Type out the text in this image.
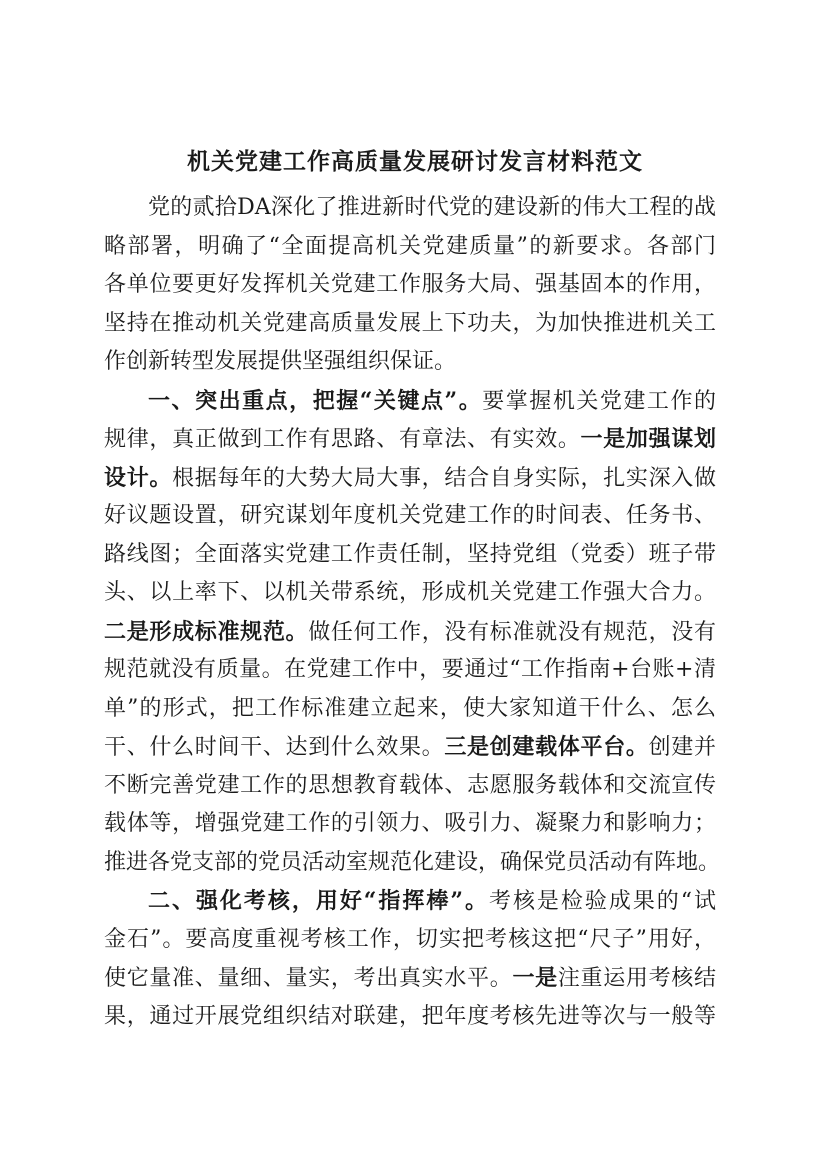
机关党建工作高质量发展研讨发言材料范文
党的贰拾DA深化了推进新时代党的建设新的伟大工程的战
略部署，明确了“全面提高机关党建质量”的新要求。各部门
各单位要更好发挥机关党建工作服务大局、强基固本的作用，
坚持在推动机关党建高质量发展上下功夫，为加快推进机关工
作创新转型发展提供坚强组织保证。
一、突出重点，把握“关键点”。要掌握机关党建工作的
规律，真正做到工作有思路、有章法、有实效。一是加强谋划
设计。根据每年的大势大局大事，结合自身实际，扎实深入做
好议题设置，研究谋划年度机关党建工作的时间表、任务书、
路线图；全面落实党建工作责任制，坚持党组（党委）班子带
头、以上率下、以机关带系统，形成机关党建工作强大合力。
二是形成标准规范。做任何工作，没有标准就没有规范，没有
规范就没有质量。在党建工作中，要通过“工作指南+台账+清
单”的形式，把工作标准建立起来，使大家知道干什么、怎么
干、什么时间干、达到什么效果。三是创建载体平台。创建并
不断完善党建工作的思想教育载体、志愿服务载体和交流宣传
载体等，增强党建工作的引领力、吸引力、凝聚力和影响力；
推进各党支部的党员活动室规范化建设，确保党员活动有阵地。
二、强化考核，用好“指挥棒”。考核是检验成果的“试
金石”。要高度重视考核工作，切实把考核这把“尺子”用好，
使它量准、量细、量实，考出真实水平。一是注重运用考核结
果，通过开展党组织结对联建，把年度考核先进等次与一般等
